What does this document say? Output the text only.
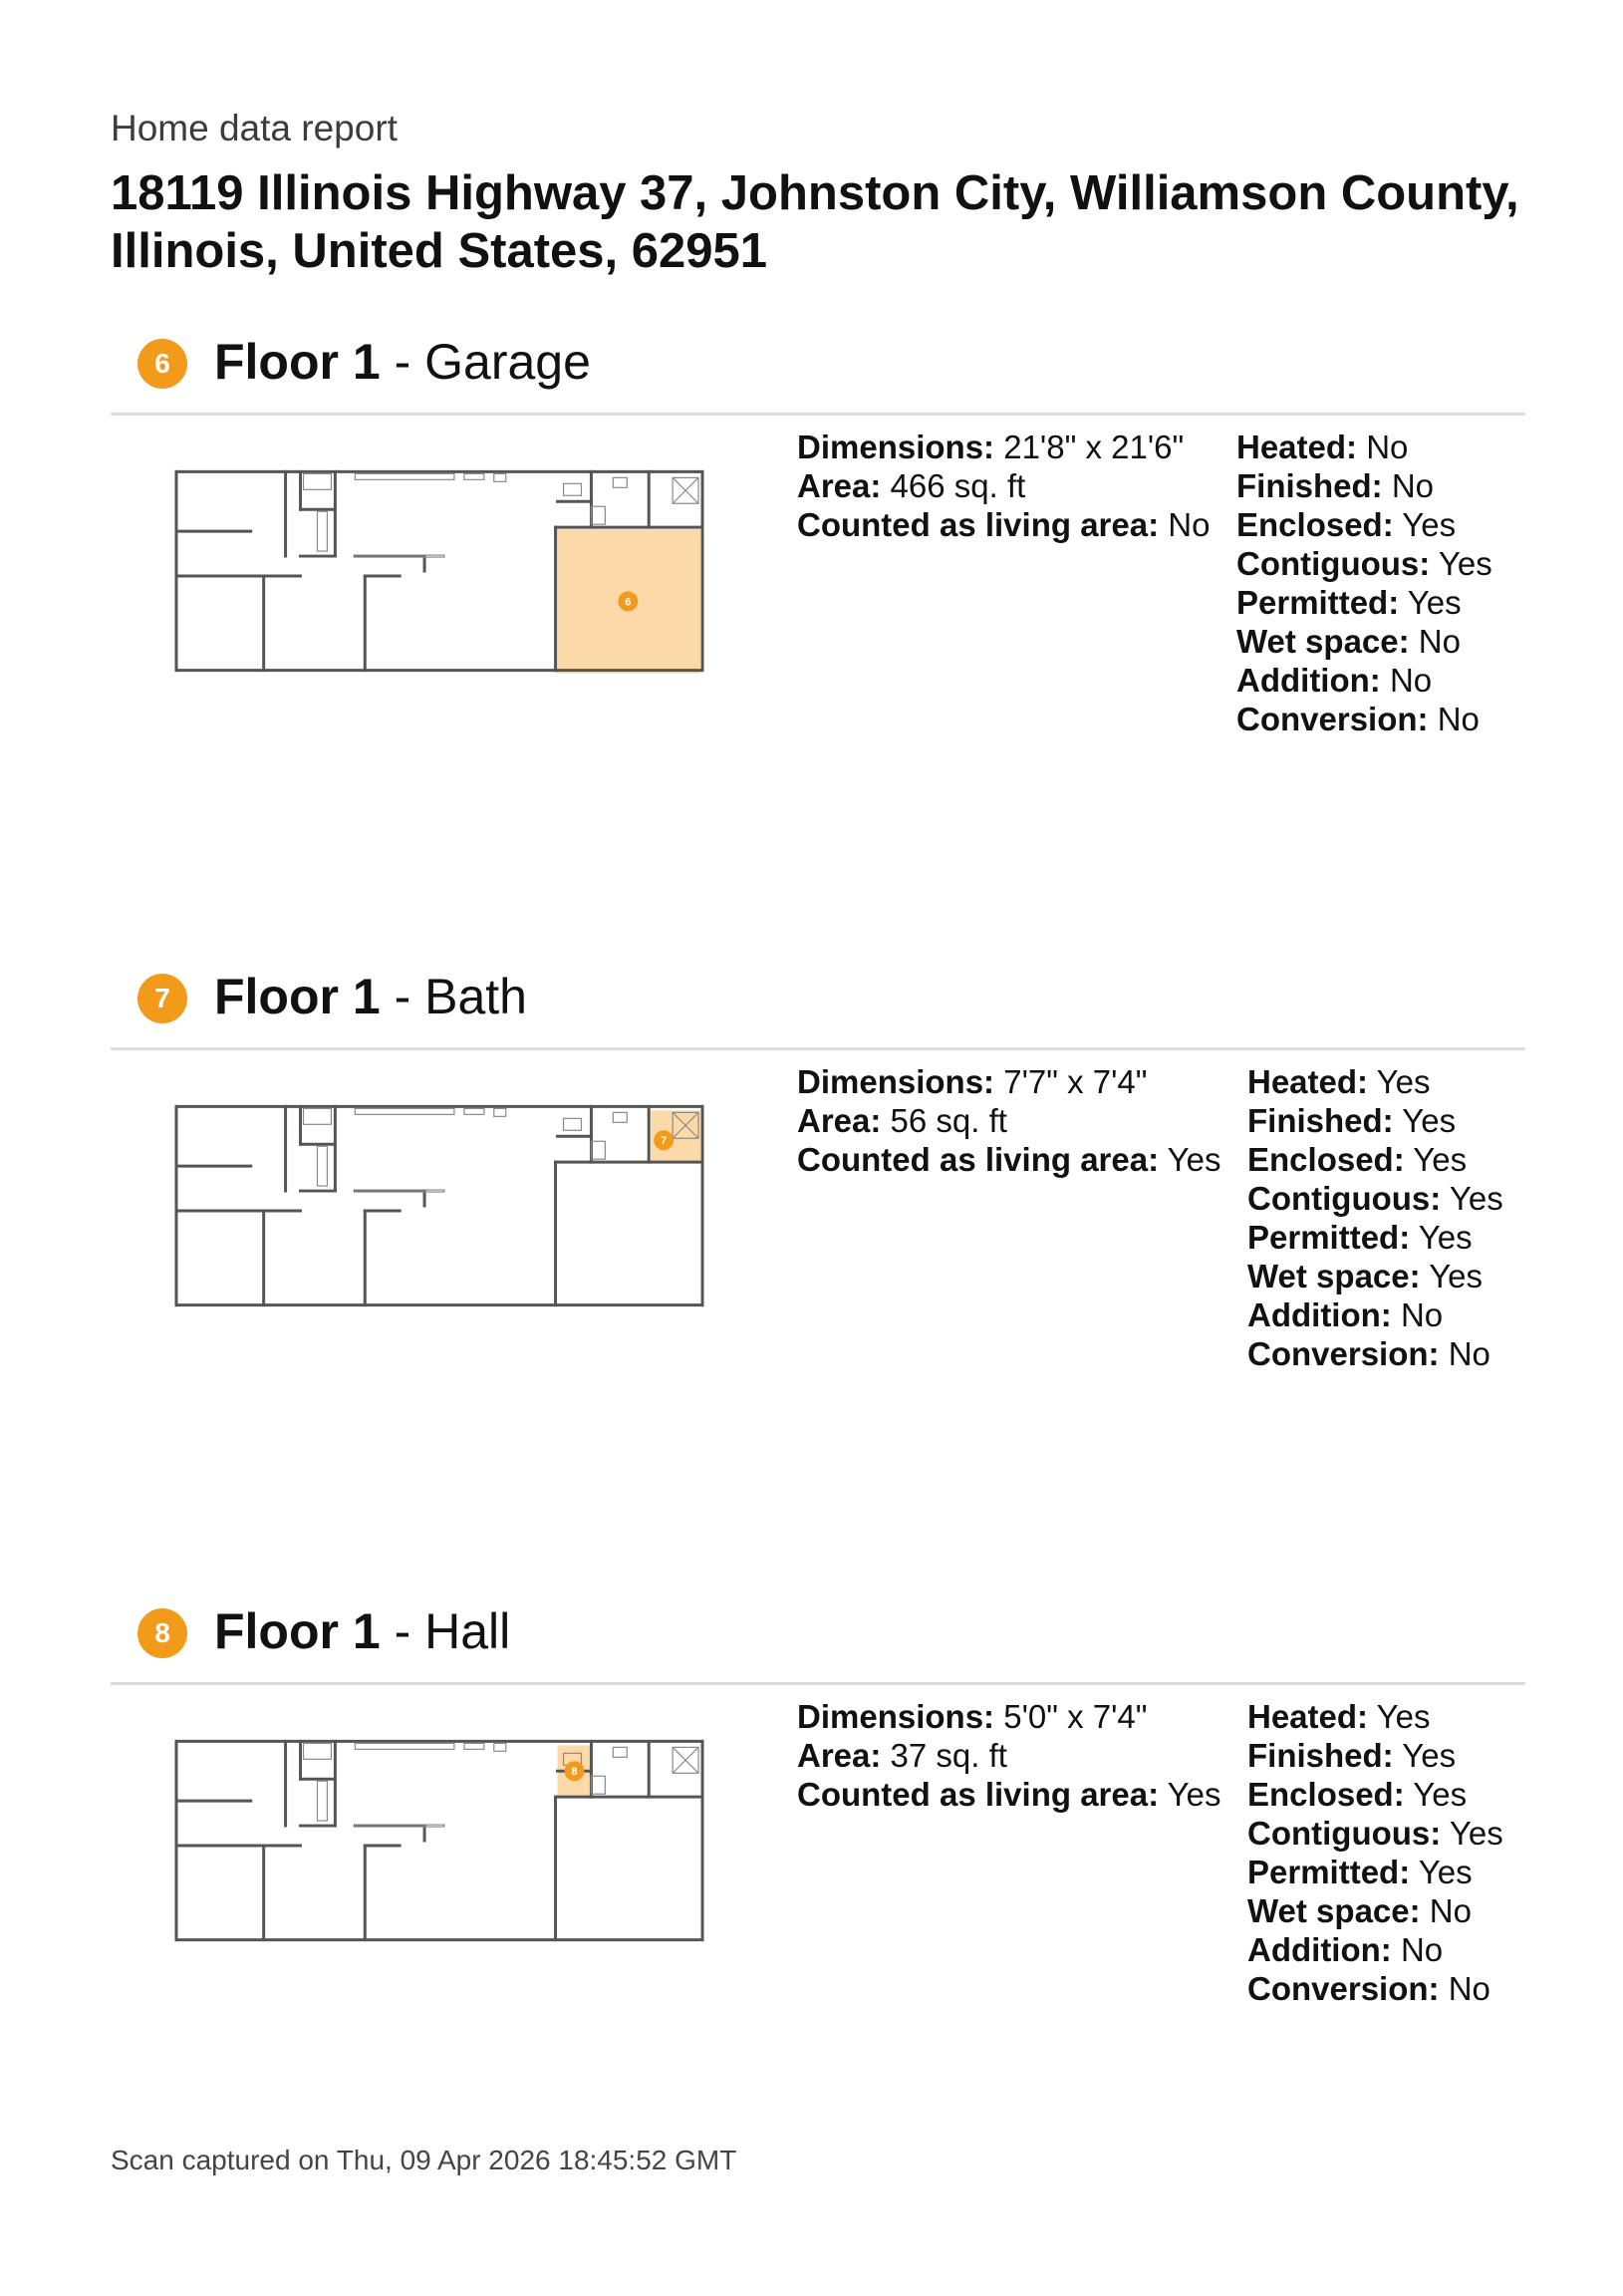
Home data report
18119 Illinois Highway 37, Johnston City, Williamson County,
Illinois, United States, 62951
6 Floor 1 - Garage
6
Dimensions: 21'8" x 21'6"
Area: 466 sq. ft
Counted as living area: No
Heated: No
Finished: No
Enclosed: Yes
Contiguous: Yes
Permitted: Yes
Wet space: No
Addition: No
Conversion: No
7 Floor 1 - Bath
7
Dimensions: 7'7" x 7'4"
Area: 56 sq. ft
Counted as living area: Yes
Heated: Yes
Finished: Yes
Enclosed: Yes
Contiguous: Yes
Permitted: Yes
Wet space: Yes
Addition: No
Conversion: No
8 Floor 1 - Hall
8
Dimensions: 5'0" x 7'4"
Area: 37 sq. ft
Counted as living area: Yes
Heated: Yes
Finished: Yes
Enclosed: Yes
Contiguous: Yes
Permitted: Yes
Wet space: No
Addition: No
Conversion: No
Scan captured on Thu, 09 Apr 2026 18:45:52 GMT
